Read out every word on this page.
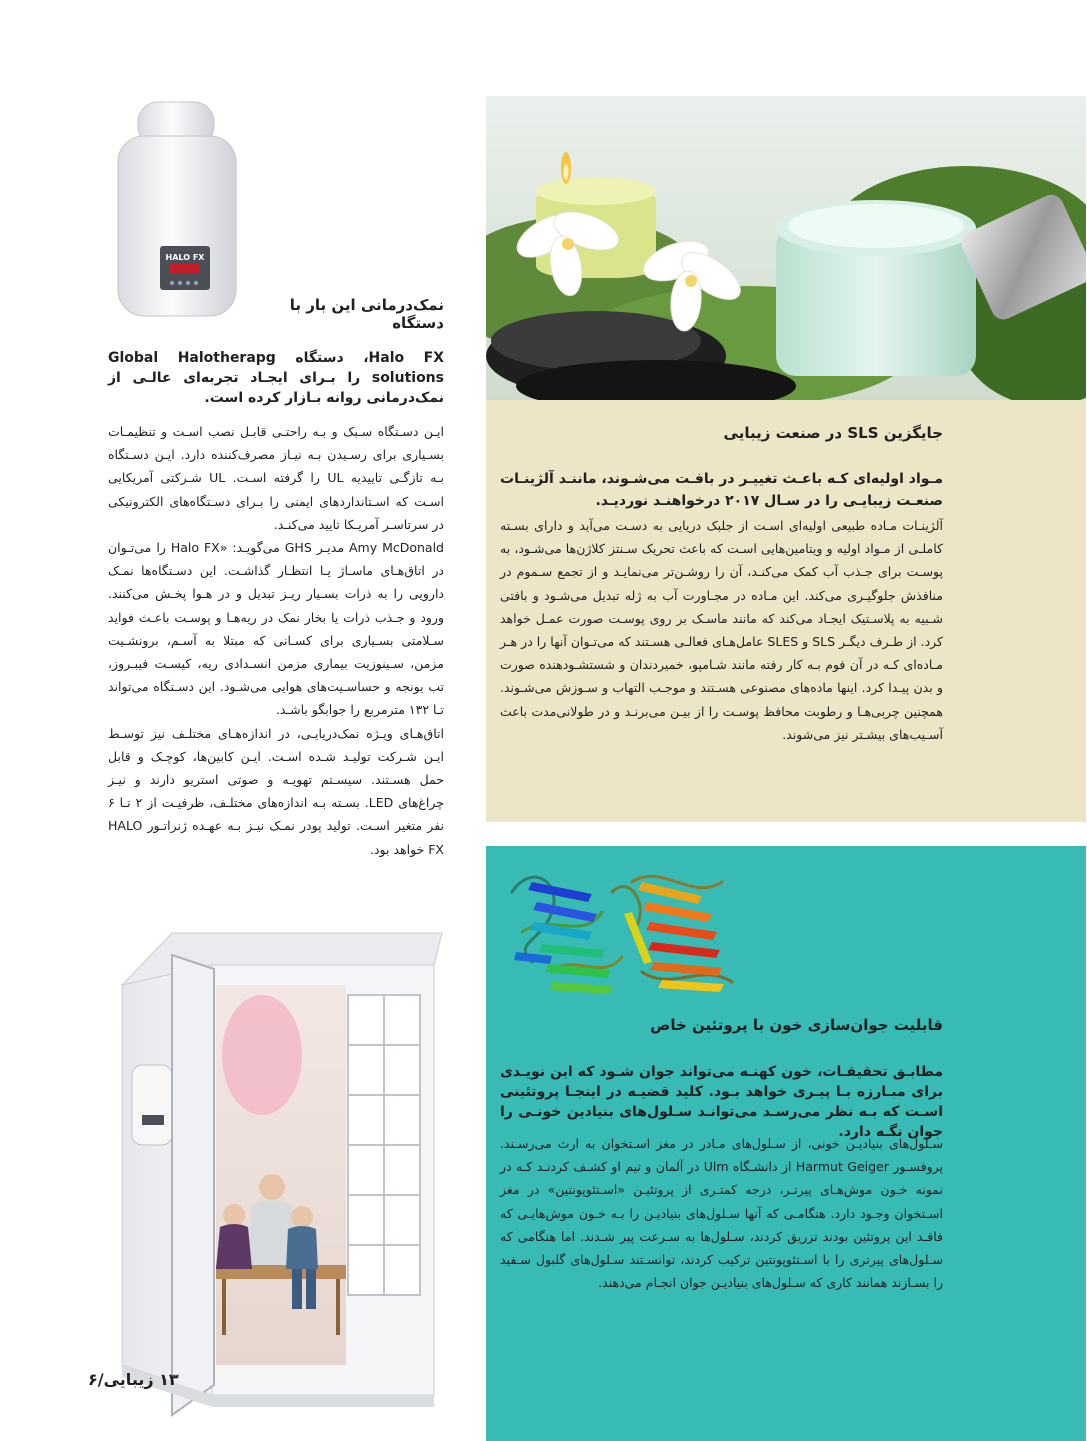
جایگزین SLS در صنعت زیبایی
مـواد اولیه‌ای کـه باعـث تغییـر در بافـت می‌شـوند، ماننـد آلژینـات صنعـت زیبایـی را در سـال ۲۰۱۷ درخواهنـد نوردیـد.

آلژینـات مـاده طبیعی اولیه‌ای اسـت از جلبک دریایی به دسـت می‌آید و دارای بسـته کاملـی از مـواد اولیه و ویتامین‌هایی اسـت که باعث تحریک سـنتز کلاژن‌ها می‌شـود، به پوسـت برای جـذب آب کمک می‌کنـد، آن را روشـن‌تر می‌نمایـد و از تجمع سـموم در منافذش جلوگیـری می‌کند. این مـاده در مجـاورت آب به ژله تبدیل می‌شـود و بافتی شـبیه به پلاسـتیک ایجـاد می‌کند که مانند ماسـک بر روی پوسـت صورت عمـل خواهد کرد. از طـرف دیگـر SLS و SLES عامل‌هـای فعالـی هسـتند که می‌تـوان آنها را در هـر مـاده‌ای کـه در آن فوم بـه کار رفته مانند شـامپو، خمیردندان و شستشـودهنده صورت و بدن پیـدا کرد. اینها ماده‌های مصنوعی هسـتند و موجـب التهاب و سـوزش می‌شـوند. همچنین چربی‌هـا و رطوبت محافظ پوسـت را از بیـن می‌برنـد و در طولانی‌مدت باعث آسـیب‌های بیشـتر نیز می‌شوند.

قابلیت جوان‌سازی خون با پروتئین خاص
مطابـق تحقیقـات، خون کهنـه می‌تواند جوان شـود که این نویـدی برای مبـارزه بـا پیـری خواهد بـود. کلید قضیـه در اینجـا پروتئینی اسـت که بـه نظر می‌رسـد می‌توانـد سـلول‌های بنیادین خونـی را جوان نگـه دارد.

سـلول‌های بنیادیـن خونی، از سـلول‌های مـادر در مغز اسـتخوان به ارث می‌رسـند. پروفسـور Harmut Geiger از دانشـگاه Ulm در آلمان و تیم او کشـف کردنـد کـه در نمونه خـون موش‌هـای پیرتـر، درجه کمتـری از پروتئیـن «اسـتئوپونتین» در مغز اسـتخوان وجـود دارد. هنگامـی که آنها سـلول‌های بنیادیـن را بـه خـون موش‌هایـی که فاقـد این پروتئین بودند تزریق کردند، سـلول‌ها به سـرعت پیر شـدند. اما هنگامی که سـلول‌های پیرتری را با اسـتئوپونتین ترکیب کردند، توانسـتند سـلول‌های گلبول سـفید را بسـازند همانند کاری که سـلول‌های بنیادیـن جوان انجـام می‌دهند.

HALO FX
نمک‌درمانی این بار با دستگاه
Halo FX، دستگاه Global Halotherapg solutions را بـرای ایجـاد تجربه‌ای عالـی از نمک‌درمانی روانه بـازار کرده است.

ایـن دسـتگاه سـبک و بـه راحتـی قابـل نصب اسـت و تنظیمـات بسـیاری برای رسـیدن بـه نیـاز مصرف‌کننده دارد. ایـن دسـتگاه بـه تازگـی تاییدیه UL را گرفته اسـت. UL شـرکتی آمریکایی اسـت که اسـتانداردهای ایمنی را بـرای دسـتگاه‌های الکترونیکی در سرتاسـر آمریـکا تایید می‌کنـد.

Amy McDonald مدیـر GHS می‌گویـد: «Halo FX را می‌تـوان در اتاق‌هـای ماسـاژ یـا انتظـار گذاشـت. این دسـتگاه‌ها نمـک دارویی را به ذرات بسـیار ریـز تبدیل و در هـوا پخـش می‌کنند. ورود و جـذب ذرات یا بخار نمک در ریه‌هـا و پوسـت باعـث فواید سـلامتی بسـیاری برای کسـانی که مبتلا به آسـم، برونشـیت مزمن، سـینوزیت بیماری مزمن انسـدادی ریه، کیسـت فیبـروز، تب یونجه و حساسـیت‌های هوایی می‌شـود. این دسـتگاه می‌تواند تـا ۱۳۲ مترمربع را جوابگو باشـد.

اتاق‌هـای ویـژه نمک‌دریایـی، در اندازه‌هـای مختلـف نیز توسـط ایـن شـرکت تولیـد شـده اسـت. ایـن کابین‌ها، کوچـک و قابل حمل هسـتند. سیسـتم تهویـه و صوتی استریو دارند و نیـز چراغ‌های LED. بسـته بـه اندازه‌های مختلـف، ظرفیـت از ۲ تـا ۶ نفر متغیر اسـت. تولید پودر نمـک نیـز بـه عهـده ژنراتـور HALO FX خواهد بود.

۱۳ زیبایی/۶
